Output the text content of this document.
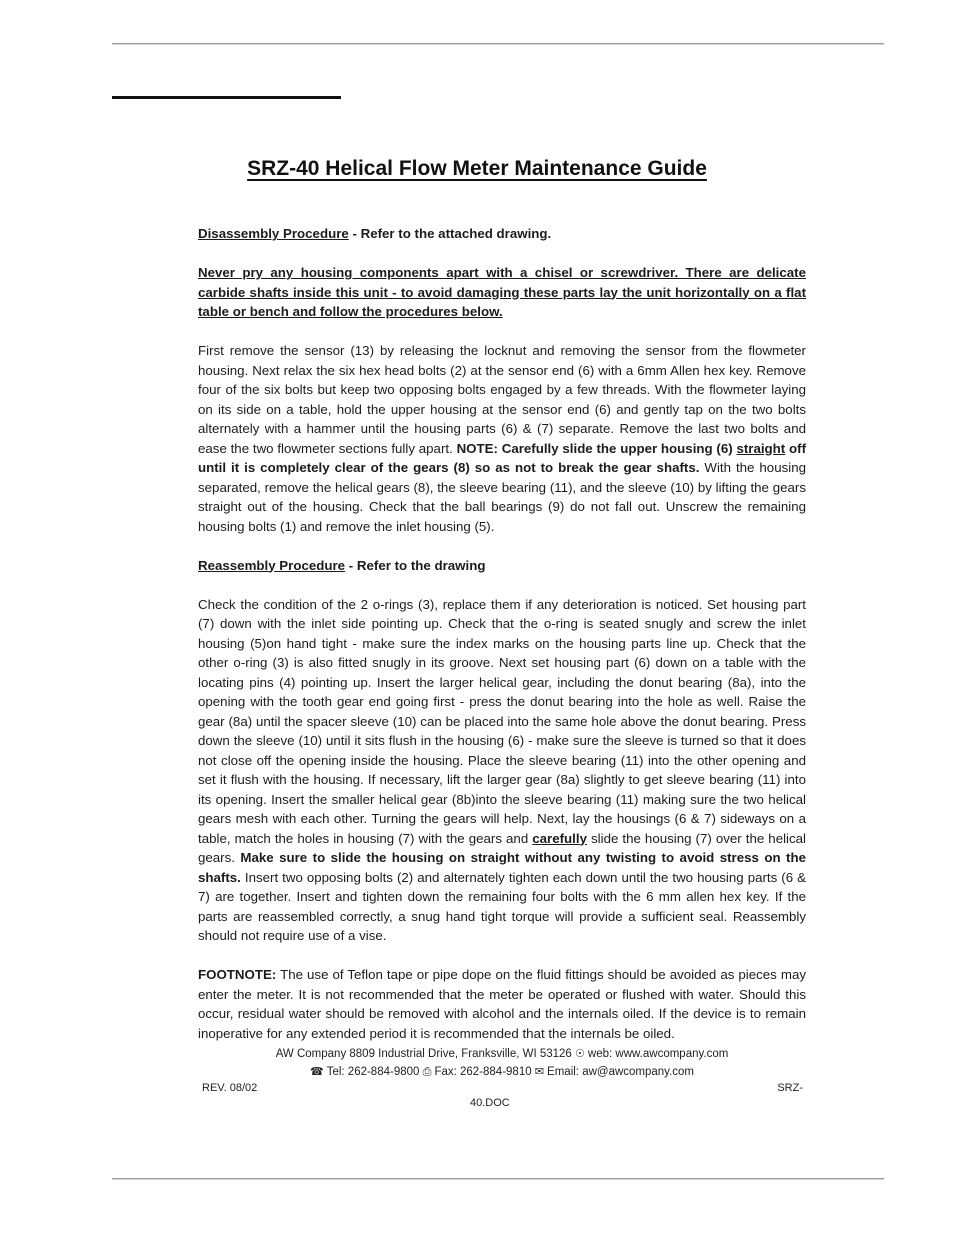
SRZ-40 Helical Flow Meter Maintenance Guide

Disassembly Procedure - Refer to the attached drawing.

Never pry any housing components apart with a chisel or screwdriver. There are delicate carbide shafts inside this unit - to avoid damaging these parts lay the unit horizontally on a flat table or bench and follow the procedures below.

First remove the sensor (13) by releasing the locknut and removing the sensor from the flowmeter housing. Next relax the six hex head bolts (2) at the sensor end (6) with a 6mm Allen hex key. Remove four of the six bolts but keep two opposing bolts engaged by a few threads. With the flowmeter laying on its side on a table, hold the upper housing at the sensor end (6) and gently tap on the two bolts alternately with a hammer until the housing parts (6) & (7) separate. Remove the last two bolts and ease the two flowmeter sections fully apart. NOTE: Carefully slide the upper housing (6) straight off until it is completely clear of the gears (8) so as not to break the gear shafts. With the housing separated, remove the helical gears (8), the sleeve bearing (11), and the sleeve (10) by lifting the gears straight out of the housing. Check that the ball bearings (9) do not fall out. Unscrew the remaining housing bolts (1) and remove the inlet housing (5).

Reassembly Procedure - Refer to the drawing

Check the condition of the 2 o-rings (3), replace them if any deterioration is noticed. Set housing part (7) down with the inlet side pointing up. Check that the o-ring is seated snugly and screw the inlet housing (5)on hand tight - make sure the index marks on the housing parts line up. Check that the other o-ring (3) is also fitted snugly in its groove. Next set housing part (6) down on a table with the locating pins (4) pointing up. Insert the larger helical gear, including the donut bearing (8a), into the opening with the tooth gear end going first - press the donut bearing into the hole as well. Raise the gear (8a) until the spacer sleeve (10) can be placed into the same hole above the donut bearing. Press down the sleeve (10) until it sits flush in the housing (6) - make sure the sleeve is turned so that it does not close off the opening inside the housing. Place the sleeve bearing (11) into the other opening and set it flush with the housing. If necessary, lift the larger gear (8a) slightly to get sleeve bearing (11) into its opening. Insert the smaller helical gear (8b)into the sleeve bearing (11) making sure the two helical gears mesh with each other. Turning the gears will help. Next, lay the housings (6 & 7) sideways on a table, match the holes in housing (7) with the gears and carefully slide the housing (7) over the helical gears. Make sure to slide the housing on straight without any twisting to avoid stress on the shafts. Insert two opposing bolts (2) and alternately tighten each down until the two housing parts (6 & 7) are together. Insert and tighten down the remaining four bolts with the 6 mm allen hex key. If the parts are reassembled correctly, a snug hand tight torque will provide a sufficient seal. Reassembly should not require use of a vise.

FOOTNOTE: The use of Teflon tape or pipe dope on the fluid fittings should be avoided as pieces may enter the meter. It is not recommended that the meter be operated or flushed with water. Should this occur, residual water should be removed with alcohol and the internals oiled. If the device is to remain inoperative for any extended period it is recommended that the internals be oiled.

AW Company 8809 Industrial Drive, Franksville, WI 53126 ☉ web: www.awcompany.com
☎ Tel: 262-884-9800 ⎙ Fax: 262-884-9810 ✉ Email: aw@awcompany.com
REV. 08/02	SRZ-
40.DOC
